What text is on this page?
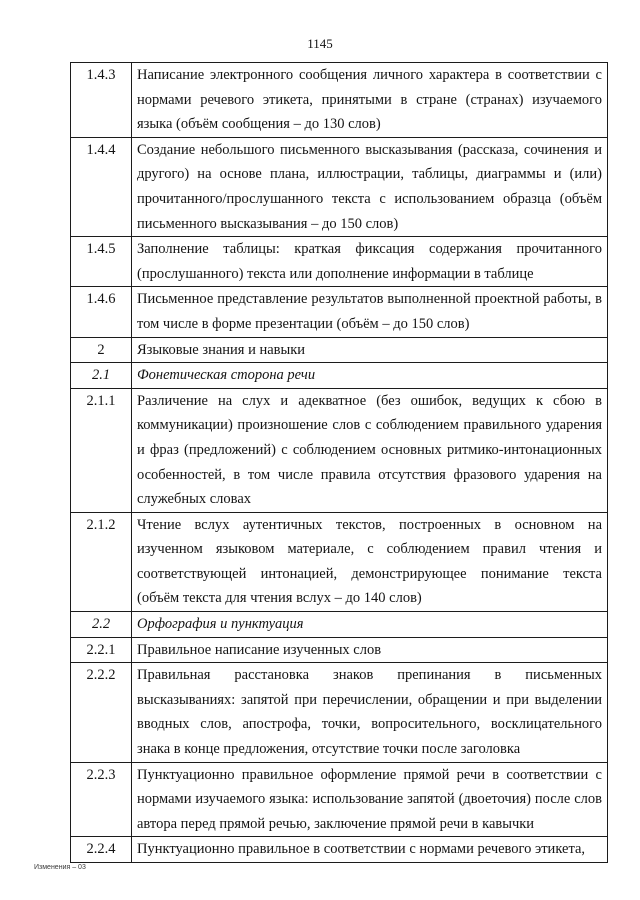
1145
1.4.3	Написание электронного сообщения личного характера в соответствии с нормами речевого этикета, принятыми в стране (странах) изучаемого языка (объём сообщения – до 130 слов)
1.4.4	Создание небольшого письменного высказывания (рассказа, сочинения и другого) на основе плана, иллюстрации, таблицы, диаграммы и (или) прочитанного/прослушанного текста с использованием образца (объём письменного высказывания – до 150 слов)
1.4.5	Заполнение таблицы: краткая фиксация содержания прочитанного (прослушанного) текста или дополнение информации в таблице
1.4.6	Письменное представление результатов выполненной проектной работы, в том числе в форме презентации (объём – до 150 слов)
2	Языковые знания и навыки
2.1	Фонетическая сторона речи
2.1.1	Различение на слух и адекватное (без ошибок, ведущих к сбою в коммуникации) произношение слов с соблюдением правильного ударения и фраз (предложений) с соблюдением основных ритмико-интонационных особенностей, в том числе правила отсутствия фразового ударения на служебных словах
2.1.2	Чтение вслух аутентичных текстов, построенных в основном на изученном языковом материале, с соблюдением правил чтения и соответствующей интонацией, демонстрирующее понимание текста (объём текста для чтения вслух – до 140 слов)
2.2	Орфография и пунктуация
2.2.1	Правильное написание изученных слов
2.2.2	Правильная расстановка знаков препинания в письменных высказываниях: запятой при перечислении, обращении и при выделении вводных слов, апострофа, точки, вопросительного, восклицательного знака в конце предложения, отсутствие точки после заголовка
2.2.3	Пунктуационно правильное оформление прямой речи в соответствии с нормами изучаемого языка: использование запятой (двоеточия) после слов автора перед прямой речью, заключение прямой речи в кавычки
2.2.4	Пунктуационно правильное в соответствии с нормами речевого этикета,
Изменения – 03
